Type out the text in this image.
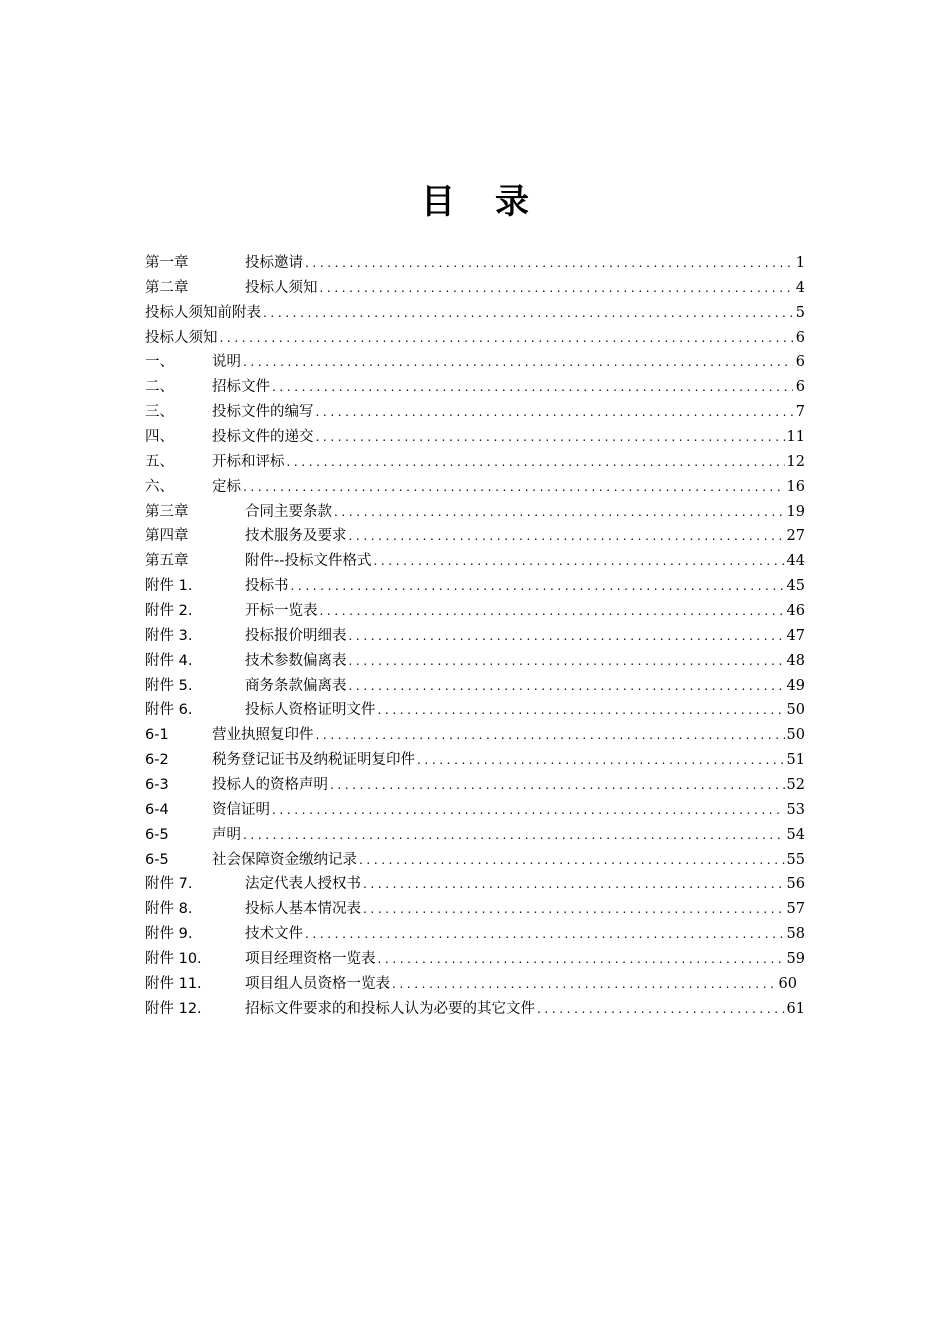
目 录
第一章	投标邀请 .....	1
第二章	投标人须知 .....	4
投标人须知前附表 .....	5
投标人须知 .....	6
一、	说明 .....	6
二、	招标文件 .....	6
三、	投标文件的编写 .....	7
四、	投标文件的递交 .....	11
五、	开标和评标 .....	12
六、	定标 .....	16
第三章	合同主要条款 .....	19
第四章	技术服务及要求 .....	27
第五章	附件--投标文件格式 .....	44
附件 1.	投标书 .....	45
附件 2.	开标一览表 .....	46
附件 3.	投标报价明细表 .....	47
附件 4.	技术参数偏离表 .....	48
附件 5.	商务条款偏离表 .....	49
附件 6.	投标人资格证明文件 .....	50
6-1	营业执照复印件 .....	50
6-2	税务登记证书及纳税证明复印件 .....	51
6-3	投标人的资格声明 .....	52
6-4	资信证明 .....	53
6-5	声明 .....	54
6-5	社会保障资金缴纳记录 .....	55
附件 7.	法定代表人授权书 .....	56
附件 8.	投标人基本情况表 .....	57
附件 9.	技术文件 .....	58
附件 10.	项目经理资格一览表 .....	59
附件 11.	项目组人员资格一览表 .....	60
附件 12.	招标文件要求的和投标人认为必要的其它文件 .....	61
